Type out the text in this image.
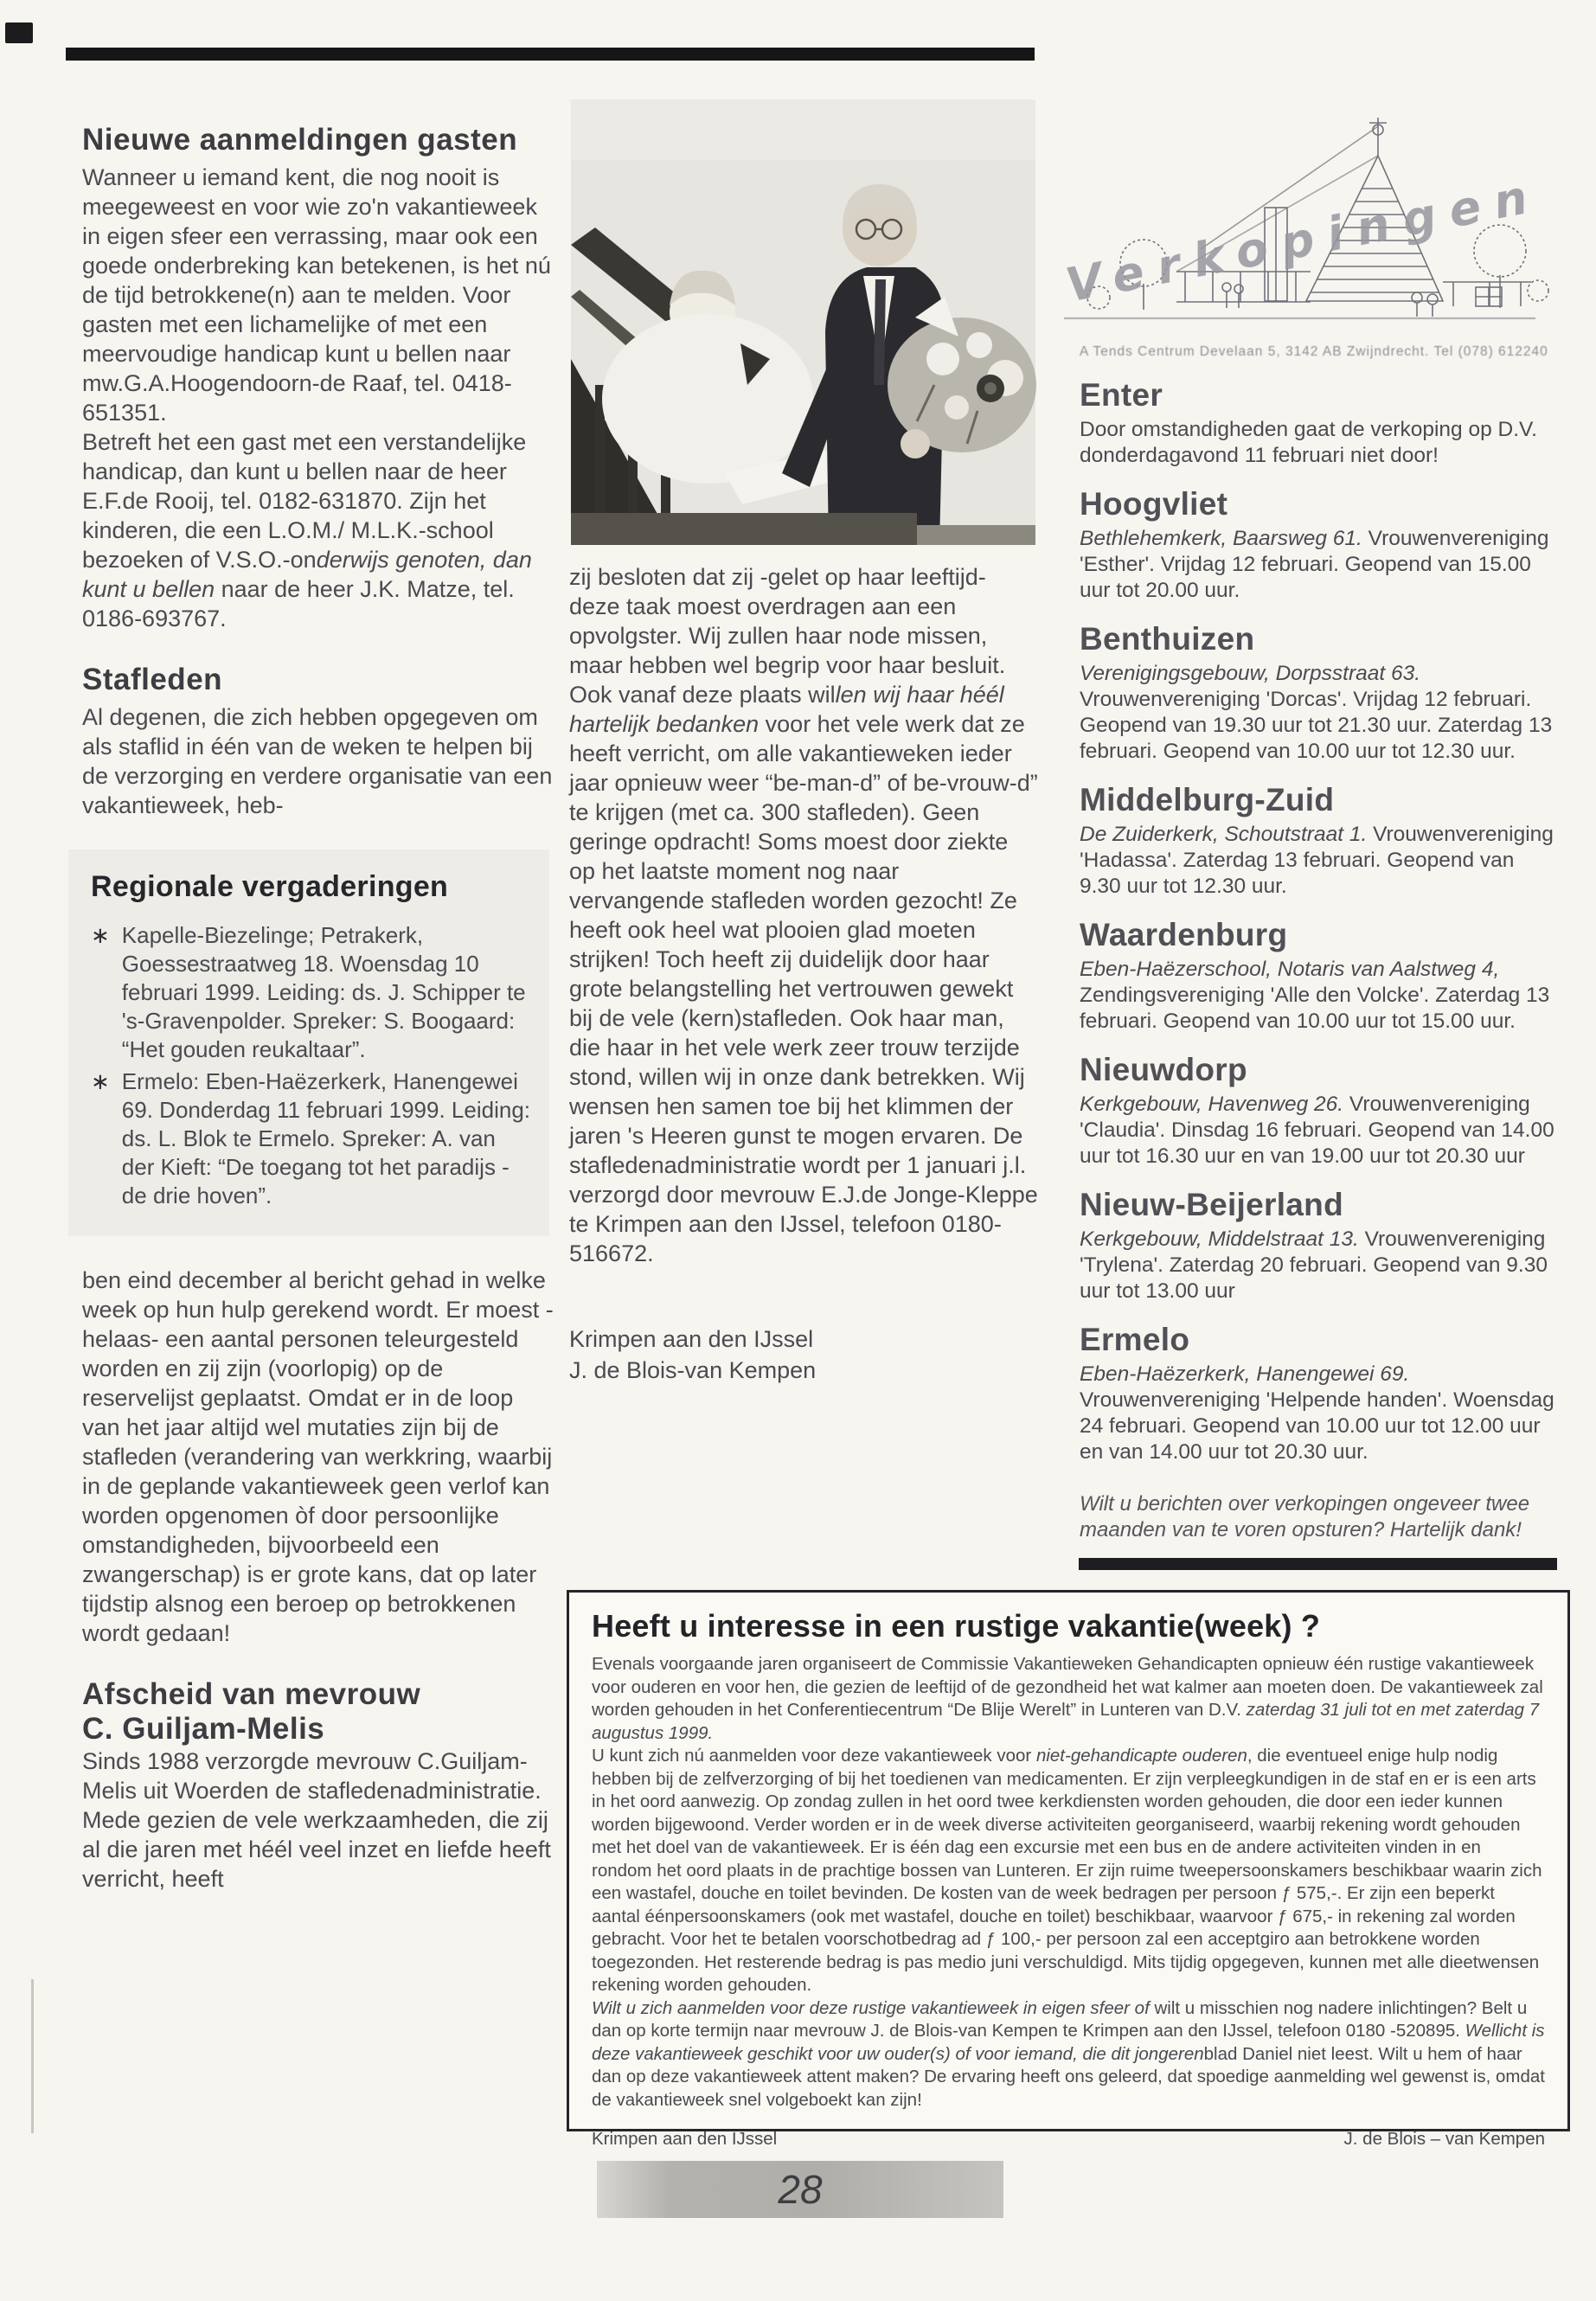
Nieuwe aanmeldingen gasten

Wanneer u iemand kent, die nog nooit is meegeweest en voor wie zo'n vakantieweek in eigen sfeer een verrassing, maar ook een goede onderbreking kan betekenen, is het nú de tijd betrokkene(n) aan te melden. Voor gasten met een lichamelijke of met een meervoudige handicap kunt u bellen naar mw.G.A.Hoogendoorn-de Raaf, tel. 0418-651351.

Betreft het een gast met een verstandelijke handicap, dan kunt u bellen naar de heer E.F.de Rooij, tel. 0182-631870. Zijn het kinderen, die een L.O.M./ M.L.K.-school bezoeken of V.S.O.-onderwijs genoten, dan kunt u bellen naar de heer J.K. Matze, tel. 0186-693767.

Stafleden

Al degenen, die zich hebben opgegeven om als staflid in één van de weken te helpen bij de verzorging en verdere organisatie van een vakantieweek, heb-

Regionale vergaderingen
∗
Kapelle-Biezelinge; Petrakerk, Goessestraatweg 18. Woensdag 10 februari 1999. Leiding: ds. J. Schipper te 's-Gravenpolder. Spreker: S. Boogaard: “Het gouden reukaltaar”.
∗
Ermelo: Eben-Haëzerkerk, Hanengewei 69. Donderdag 11 februari 1999. Leiding: ds. L. Blok te Ermelo. Spreker: A. van der Kieft: “De toegang tot het paradijs - de drie hoven”.

ben eind december al bericht gehad in welke week op hun hulp gerekend wordt. Er moest -helaas- een aantal personen teleurgesteld worden en zij zijn (voorlopig) op de reservelijst geplaatst. Omdat er in de loop van het jaar altijd wel mutaties zijn bij de stafleden (verandering van werkkring, waarbij in de geplande vakantieweek geen verlof kan worden opgenomen òf door persoonlijke omstandigheden, bijvoorbeeld een zwangerschap) is er grote kans, dat op later tijdstip alsnog een beroep op betrokkenen wordt gedaan!

Afscheid van mevrouw
C. Guiljam-Melis

Sinds 1988 verzorgde mevrouw C.Guiljam-Melis uit Woerden de stafledenadministratie. Mede gezien de vele werkzaamheden, die zij al die jaren met héél veel inzet en liefde heeft verricht, heeft

zij besloten dat zij -gelet op haar leeftijd- deze taak moest overdragen aan een opvolgster. Wij zullen haar node missen, maar hebben wel begrip voor haar besluit. Ook vanaf deze plaats willen wij haar héél hartelijk bedanken voor het vele werk dat ze heeft verricht, om alle vakantieweken ieder jaar opnieuw weer “be-man-d” of be-vrouw-d” te krijgen (met ca. 300 stafleden). Geen geringe opdracht! Soms moest door ziekte op het laatste moment nog naar vervangende stafleden worden gezocht! Ze heeft ook heel wat plooien glad moeten strijken! Toch heeft zij duidelijk door haar grote belangstelling het vertrouwen gewekt bij de vele (kern)stafleden. Ook haar man, die haar in het vele werk zeer trouw terzijde stond, willen wij in onze dank betrekken. Wij wensen hen samen toe bij het klimmen der jaren 's Heeren gunst te mogen ervaren. De stafledenadministratie wordt per 1 januari j.l. verzorgd door mevrouw E.J.de Jonge-Kleppe te Krimpen aan den IJssel, telefoon 0180-516672.

Krimpen aan den IJssel
J. de Blois-van Kempen
Verkopingen

A Tends Centrum Develaan 5, 3142 AB Zwijndrecht. Tel (078) 612240

Enter

Door omstandigheden gaat de verkoping op D.V. donderdagavond 11 februari niet door!

Hoogvliet

Bethlehemkerk, Baarsweg 61. Vrouwenvereniging 'Esther'. Vrijdag 12 februari. Geopend van 15.00 uur tot 20.00 uur.

Benthuizen

Verenigingsgebouw, Dorpsstraat 63. Vrouwenvereniging 'Dorcas'. Vrijdag 12 februari. Geopend van 19.30 uur tot 21.30 uur. Zaterdag 13 februari. Geopend van 10.00 uur tot 12.30 uur.

Middelburg-Zuid

De Zuiderkerk, Schoutstraat 1. Vrouwenvereniging 'Hadassa'. Zaterdag 13 februari. Geopend van 9.30 uur tot 12.30 uur.

Waardenburg

Eben-Haëzerschool, Notaris van Aalstweg 4, Zendingsvereniging 'Alle den Volcke'. Zaterdag 13 februari. Geopend van 10.00 uur tot 15.00 uur.

Nieuwdorp

Kerkgebouw, Havenweg 26. Vrouwenvereniging 'Claudia'. Dinsdag 16 februari. Geopend van 14.00 uur tot 16.30 uur en van 19.00 uur tot 20.30 uur

Nieuw-Beijerland

Kerkgebouw, Middelstraat 13. Vrouwenvereniging 'Trylena'. Zaterdag 20 februari. Geopend van 9.30 uur tot 13.00 uur

Ermelo

Eben-Haëzerkerk, Hanengewei 69. Vrouwenvereniging 'Helpende handen'. Woensdag 24 februari. Geopend van 10.00 uur tot 12.00 uur en van 14.00 uur tot 20.30 uur.

Wilt u berichten over verkopingen ongeveer twee maanden van te voren opsturen? Hartelijk dank!

Heeft u interesse in een rustige vakantie(week) ?

Evenals voorgaande jaren organiseert de Commissie Vakantieweken Gehandicapten opnieuw één rustige vakantieweek voor ouderen en voor hen, die gezien de leeftijd of de gezondheid het wat kalmer aan moeten doen. De vakantieweek zal worden gehouden in het Conferentiecentrum “De Blije Werelt” in Lunteren van D.V. zaterdag 31 juli tot en met zaterdag 7 augustus 1999.

U kunt zich nú aanmelden voor deze vakantieweek voor niet-gehandicapte ouderen, die eventueel enige hulp nodig hebben bij de zelfverzorging of bij het toedienen van medicamenten. Er zijn verpleegkundigen in de staf en er is een arts in het oord aanwezig. Op zondag zullen in het oord twee kerkdiensten worden gehouden, die door een ieder kunnen worden bijgewoond. Verder worden er in de week diverse activiteiten georganiseerd, waarbij rekening wordt gehouden met het doel van de vakantieweek. Er is één dag een excursie met een bus en de andere activiteiten vinden in en rondom het oord plaats in de prachtige bossen van Lunteren. Er zijn ruime tweepersoonskamers beschikbaar waarin zich een wastafel, douche en toilet bevinden. De kosten van de week bedragen per persoon ƒ 575,-. Er zijn een beperkt aantal éénpersoonskamers (ook met wastafel, douche en toilet) beschikbaar, waarvoor ƒ 675,- in rekening zal worden gebracht. Voor het te betalen voorschotbedrag ad ƒ 100,- per persoon zal een acceptgiro aan betrokkene worden toegezonden. Het resterende bedrag is pas medio juni verschuldigd. Mits tijdig opgegeven, kunnen met alle dieetwensen rekening worden gehouden.

Wilt u zich aanmelden voor deze rustige vakantieweek in eigen sfeer of wilt u misschien nog nadere inlichtingen? Belt u dan op korte termijn naar mevrouw J. de Blois-van Kempen te Krimpen aan den IJssel, telefoon 0180 -520895. Wellicht is deze vakantieweek geschikt voor uw ouder(s) of voor iemand, die dit jongerenblad Daniel niet leest. Wilt u hem of haar dan op deze vakantieweek attent maken? De ervaring heeft ons geleerd, dat spoedige aanmelding wel gewenst is, omdat de vakantieweek snel volgeboekt kan zijn!

Krimpen aan den IJssel	J. de Blois – van Kempen
28
